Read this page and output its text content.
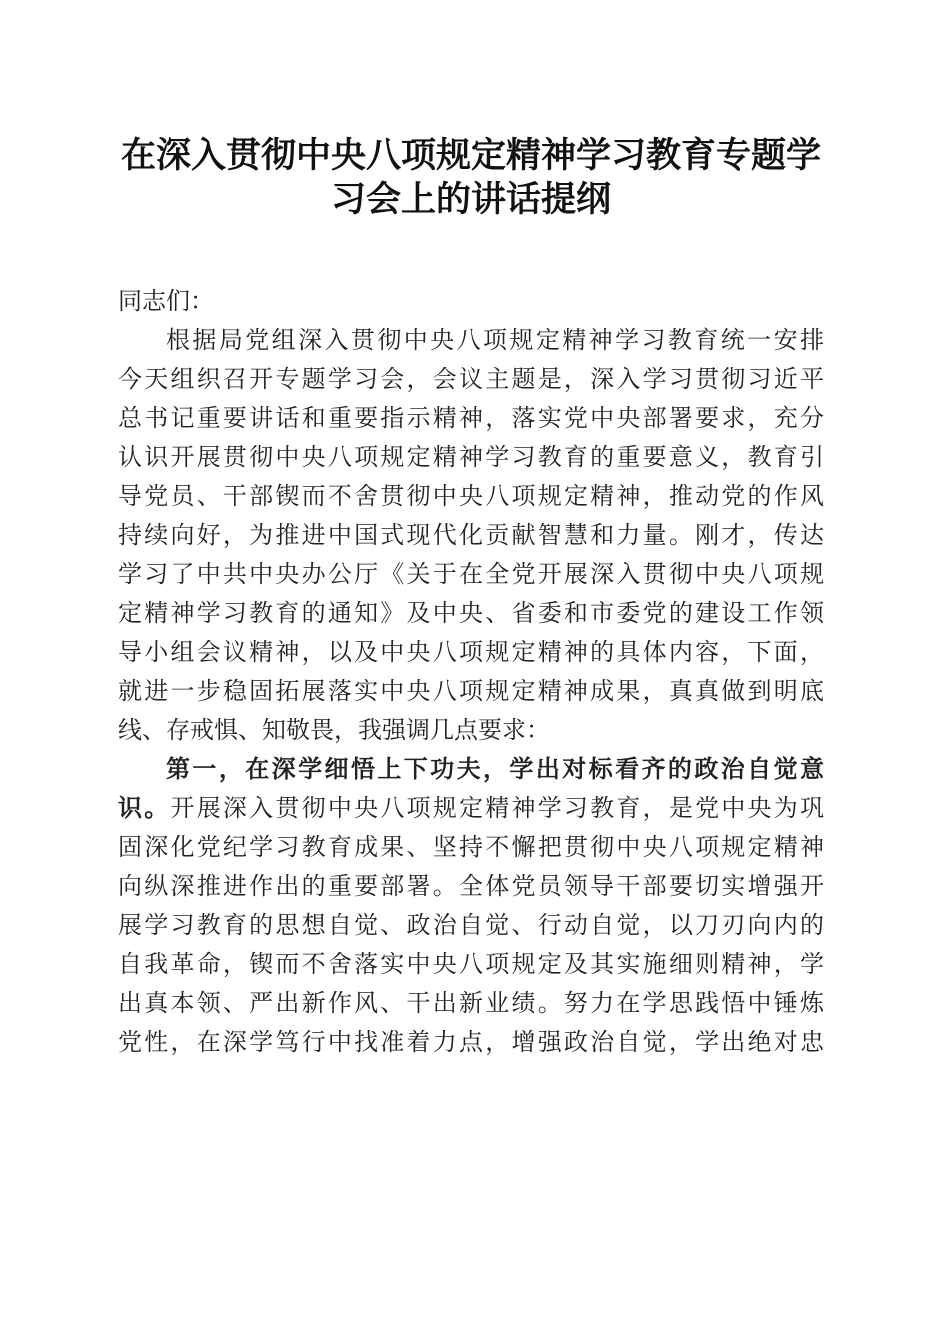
在深入贯彻中央八项规定精神学习教育专题学
习会上的讲话提纲
同志们：
根据局党组深入贯彻中央八项规定精神学习教育统一安排
今天组织召开专题学习会，会议主题是，深入学习贯彻习近平
总书记重要讲话和重要指示精神，落实党中央部署要求，充分
认识开展贯彻中央八项规定精神学习教育的重要意义，教育引
导党员、干部锲而不舍贯彻中央八项规定精神，推动党的作风
持续向好，为推进中国式现代化贡献智慧和力量。刚才，传达
学习了中共中央办公厅《关于在全党开展深入贯彻中央八项规
定精神学习教育的通知》及中央、省委和市委党的建设工作领
导小组会议精神，以及中央八项规定精神的具体内容，下面，
就进一步稳固拓展落实中央八项规定精神成果，真真做到明底
线、存戒惧、知敬畏，我强调几点要求：
第一，在深学细悟上下功夫，学出对标看齐的政治自觉意
识。开展深入贯彻中央八项规定精神学习教育，是党中央为巩
固深化党纪学习教育成果、坚持不懈把贯彻中央八项规定精神
向纵深推进作出的重要部署。全体党员领导干部要切实增强开
展学习教育的思想自觉、政治自觉、行动自觉，以刀刃向内的
自我革命，锲而不舍落实中央八项规定及其实施细则精神，学
出真本领、严出新作风、干出新业绩。努力在学思践悟中锤炼
党性，在深学笃行中找准着力点，增强政治自觉，学出绝对忠
